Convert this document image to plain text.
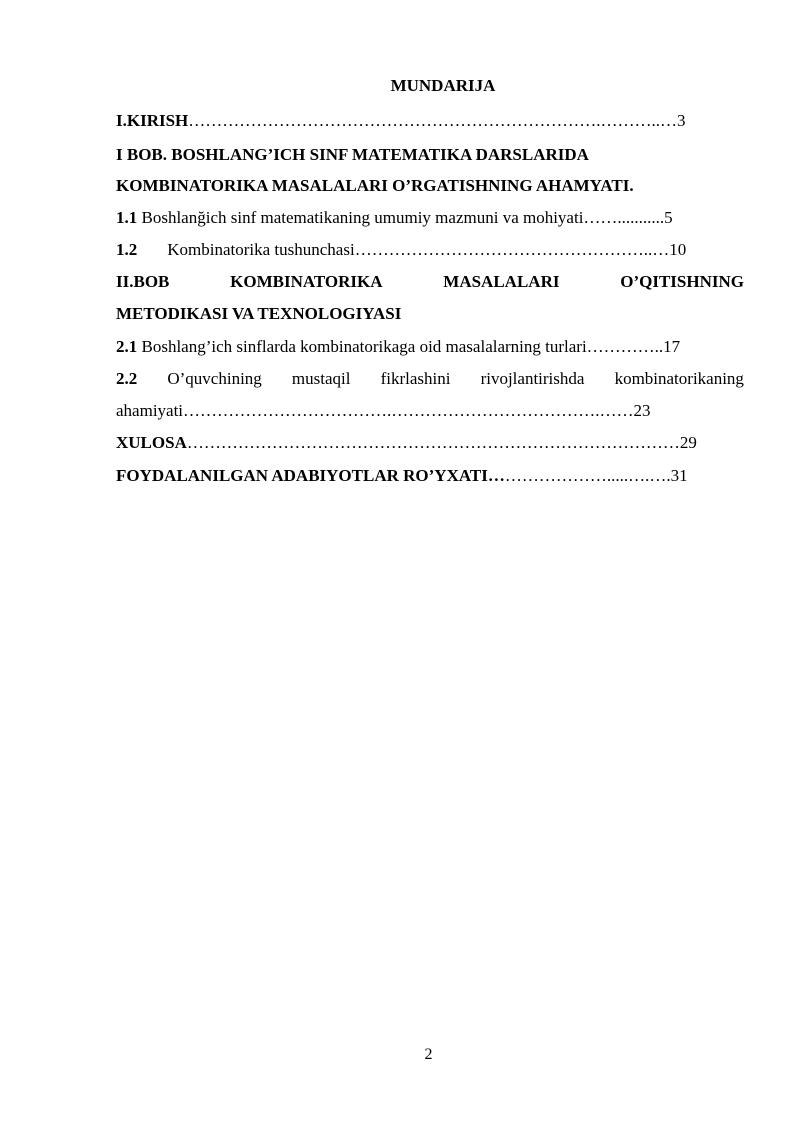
MUNDARIJA
I.KIRISH……………………………………………………………….………..…3
I BOB. BOSHLANG’ICH SINF MATEMATIKA DARSLARIDA
KOMBINATORIKA MASALALARI O’RGATISHNING AHAMYATI.
1.1 Boshlanğich sinf matematikaning umumiy mazmuni va mohiyati……...........5
1.2 Kombinatorika tushunchasi……………………………………………..…10
II.BOB	KOMBINATORIKA	MASALALARI	O’QITISHNING
METODIKASI VA TEXNOLOGIYASI
2.1 Boshlang’ich sinflarda kombinatorikaga oid masalalarning turlari…………..17
2.2 O’quvchining mustaqil fikrlashini rivojlantirishda kombinatorikaning
ahamiyati……………………………….……………………………….……23
XULOSA……………………………………………………………………………29
FOYDALANILGAN ADABIYOTLAR RO’YXATI………………….....….….31
2
